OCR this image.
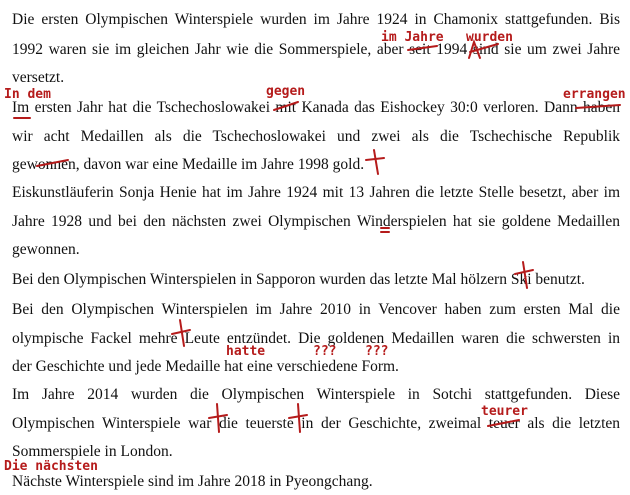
Die ersten Olympischen Winterspiele wurden im Jahre 1924 in Chamonix stattgefunden. Bis
1992 waren sie im gleichen Jahr wie die Sommerspiele, aber seit 1994 sind sie um zwei Jahre
versetzt.
Im ersten Jahr hat die Tschechoslowakei mit Kanada das Eishockey 30:0 verloren. Dann haben
wir acht Medaillen als die Tschechoslowakei und zwei als die Tschechische Republik
gewonnen, davon war eine Medaille im Jahre 1998 gold.
Eiskunstläuferin Sonja Henie hat im Jahre 1924 mit 13 Jahren die letzte Stelle besetzt, aber im
Jahre 1928 und bei den nächsten zwei Olympischen Winderspielen hat sie goldene Medaillen
gewonnen.
Bei den Olympischen Winterspielen in Sapporon wurden das letzte Mal hölzern Ski benutzt.
Bei den Olympischen Winterspielen im Jahre 2010 in Vencover haben zum ersten Mal die
olympische Fackel mehre Leute entzündet. Die goldenen Medaillen waren die schwersten in
der Geschichte und jede Medaille hat eine verschiedene Form.
Im Jahre 2014 wurden die Olympischen Winterspiele in Sotchi stattgefunden. Diese
Olympischen Winterspiele war die teuerste in der Geschichte, zweimal teuer als die letzten
Sommerspiele in London.
Nächste Winterspiele sind im Jahre 2018 in Pyeongchang.
im Jahre wurden
In dem	gegen	errangen
hatte	??? ???
teurer
Die nächsten
